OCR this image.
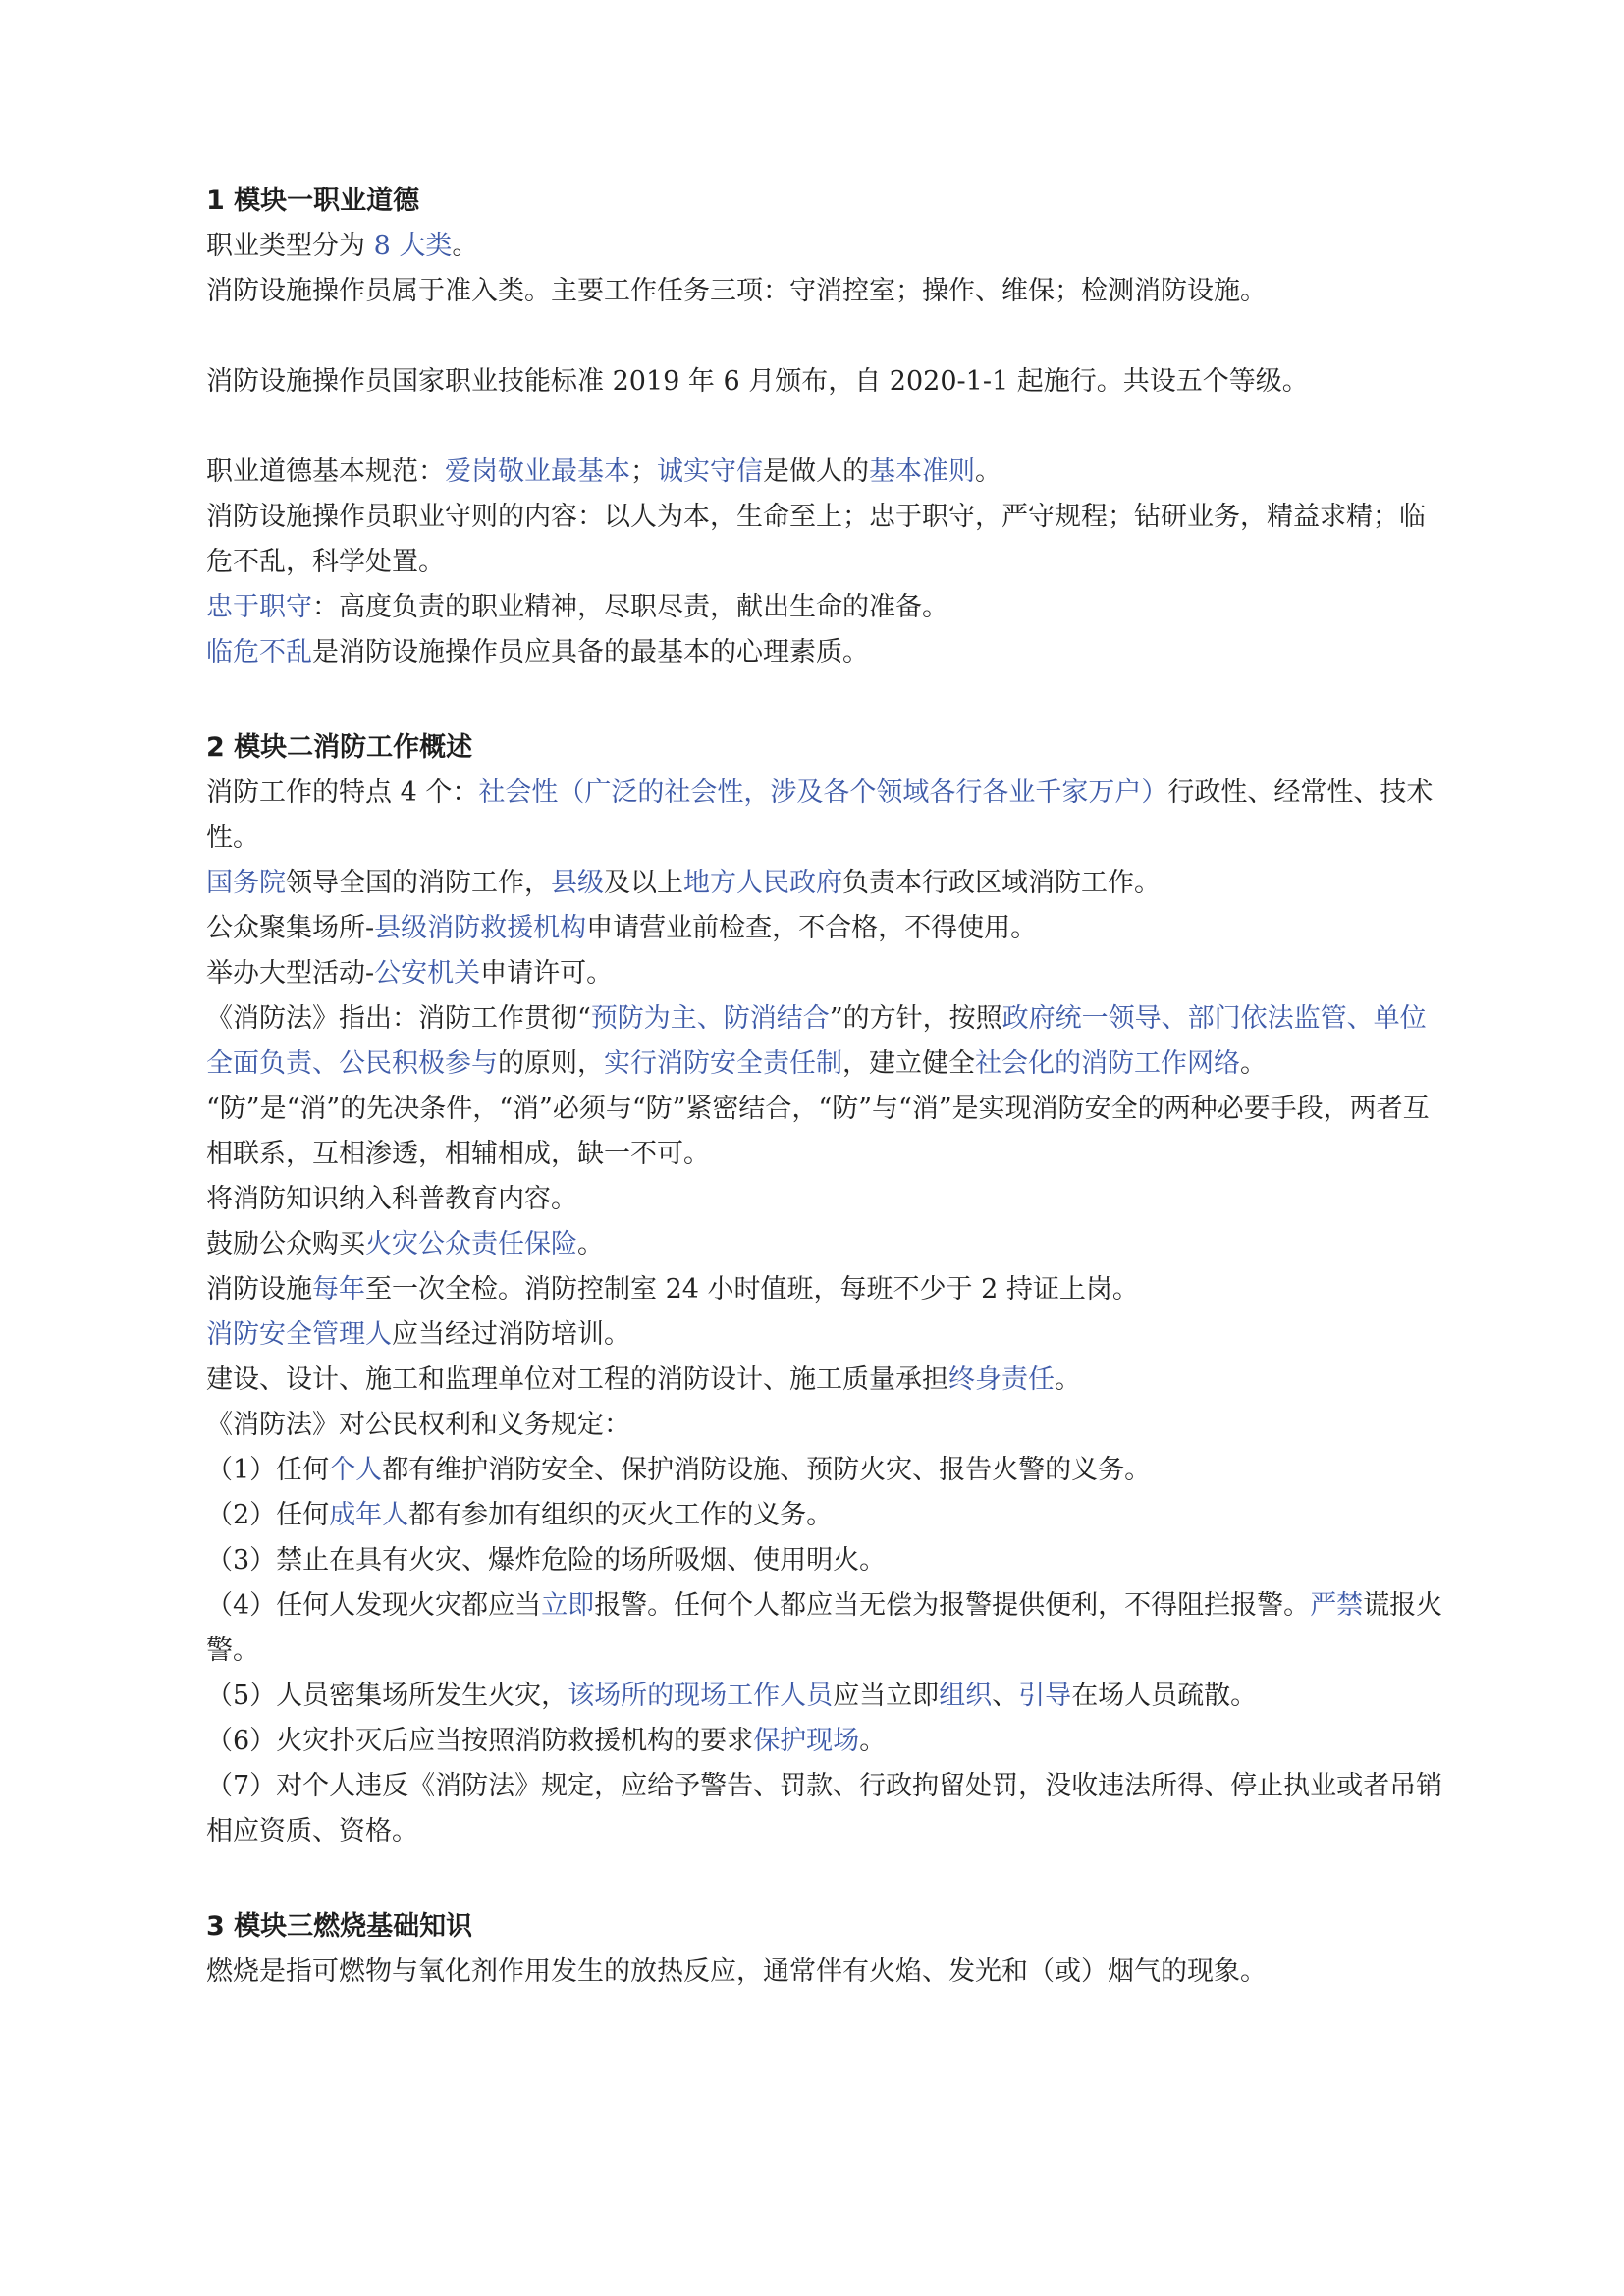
1 模块一职业道德

职业类型分为 8 大类。

消防设施操作员属于准入类。主要工作任务三项：守消控室；操作、维保；检测消防设施。

消防设施操作员国家职业技能标准 2019 年 6 月颁布，自 2020-1-1 起施行。共设五个等级。

职业道德基本规范：爱岗敬业最基本；诚实守信是做人的基本准则。

消防设施操作员职业守则的内容：以人为本，生命至上；忠于职守，严守规程；钻研业务，精益求精；临危不乱，科学处置。

忠于职守：高度负责的职业精神，尽职尽责，献出生命的准备。

临危不乱是消防设施操作员应具备的最基本的心理素质。

2 模块二消防工作概述

消防工作的特点 4 个：社会性（广泛的社会性，涉及各个领域各行各业千家万户）行政性、经常性、技术性。

国务院领导全国的消防工作，县级及以上地方人民政府负责本行政区域消防工作。

公众聚集场所-县级消防救援机构申请营业前检查，不合格，不得使用。

举办大型活动-公安机关申请许可。

《消防法》指出：消防工作贯彻“预防为主、防消结合”的方针，按照政府统一领导、部门依法监管、单位全面负责、公民积极参与的原则，实行消防安全责任制，建立健全社会化的消防工作网络。

“防”是“消”的先决条件，“消”必须与“防”紧密结合，“防”与“消”是实现消防安全的两种必要手段，两者互相联系，互相渗透，相辅相成，缺一不可。

将消防知识纳入科普教育内容。

鼓励公众购买火灾公众责任保险。

消防设施每年至一次全检。消防控制室 24 小时值班，每班不少于 2 持证上岗。

消防安全管理人应当经过消防培训。

建设、设计、施工和监理单位对工程的消防设计、施工质量承担终身责任。

《消防法》对公民权利和义务规定：

（1）任何个人都有维护消防安全、保护消防设施、预防火灾、报告火警的义务。

（2）任何成年人都有参加有组织的灭火工作的义务。

（3）禁止在具有火灾、爆炸危险的场所吸烟、使用明火。

（4）任何人发现火灾都应当立即报警。任何个人都应当无偿为报警提供便利，不得阻拦报警。严禁谎报火警。

（5）人员密集场所发生火灾，该场所的现场工作人员应当立即组织、引导在场人员疏散。

（6）火灾扑灭后应当按照消防救援机构的要求保护现场。

（7）对个人违反《消防法》规定，应给予警告、罚款、行政拘留处罚，没收违法所得、停止执业或者吊销相应资质、资格。

3 模块三燃烧基础知识

燃烧是指可燃物与氧化剂作用发生的放热反应，通常伴有火焰、发光和（或）烟气的现象。
